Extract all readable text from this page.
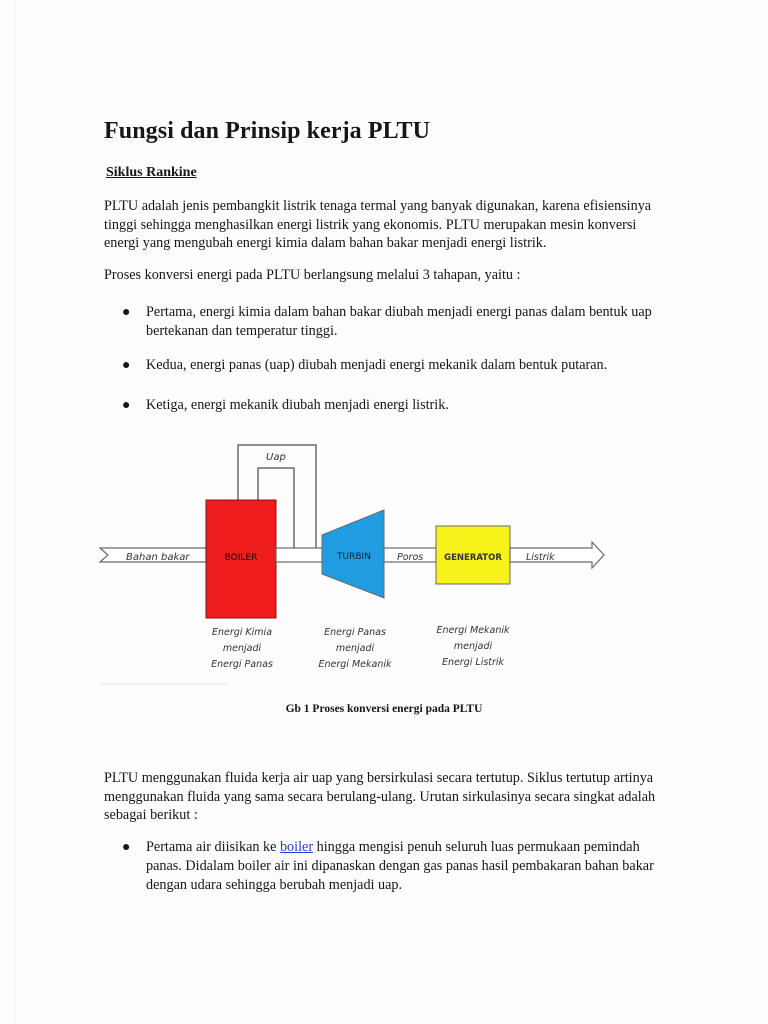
Fungsi dan Prinsip kerja PLTU
Siklus Rankine
PLTU adalah jenis pembangkit listrik tenaga termal yang banyak digunakan, karena efisiensinya
tinggi sehingga menghasilkan energi listrik yang ekonomis. PLTU merupakan mesin konversi
energi yang mengubah energi kimia dalam bahan bakar menjadi energi listrik.
Proses konversi energi pada PLTU berlangsung melalui 3 tahapan, yaitu :
●	Pertama, energi kimia dalam bahan bakar diubah menjadi energi panas dalam bentuk uap
bertekanan dan temperatur tinggi.
●	Kedua, energi panas (uap) diubah menjadi energi mekanik dalam bentuk putaran.
●	Ketiga, energi mekanik diubah menjadi energi listrik.
Bahan bakar
Uap
BOILER	TURBIN	Poros GENERATOR	Listrik
Energi Kimia
menjadi
Energi Panas
Energi Panas
menjadi
Energi Mekanik
Energi Mekanik
menjadi
Energi Listrik
Gb 1 Proses konversi energi pada PLTU
PLTU menggunakan fluida kerja air uap yang bersirkulasi secara tertutup. Siklus tertutup artinya
menggunakan fluida yang sama secara berulang-ulang. Urutan sirkulasinya secara singkat adalah
sebagai berikut :
●	Pertama air diisikan ke boiler hingga mengisi penuh seluruh luas permukaan pemindah
panas. Didalam boiler air ini dipanaskan dengan gas panas hasil pembakaran bahan bakar
dengan udara sehingga berubah menjadi uap.
